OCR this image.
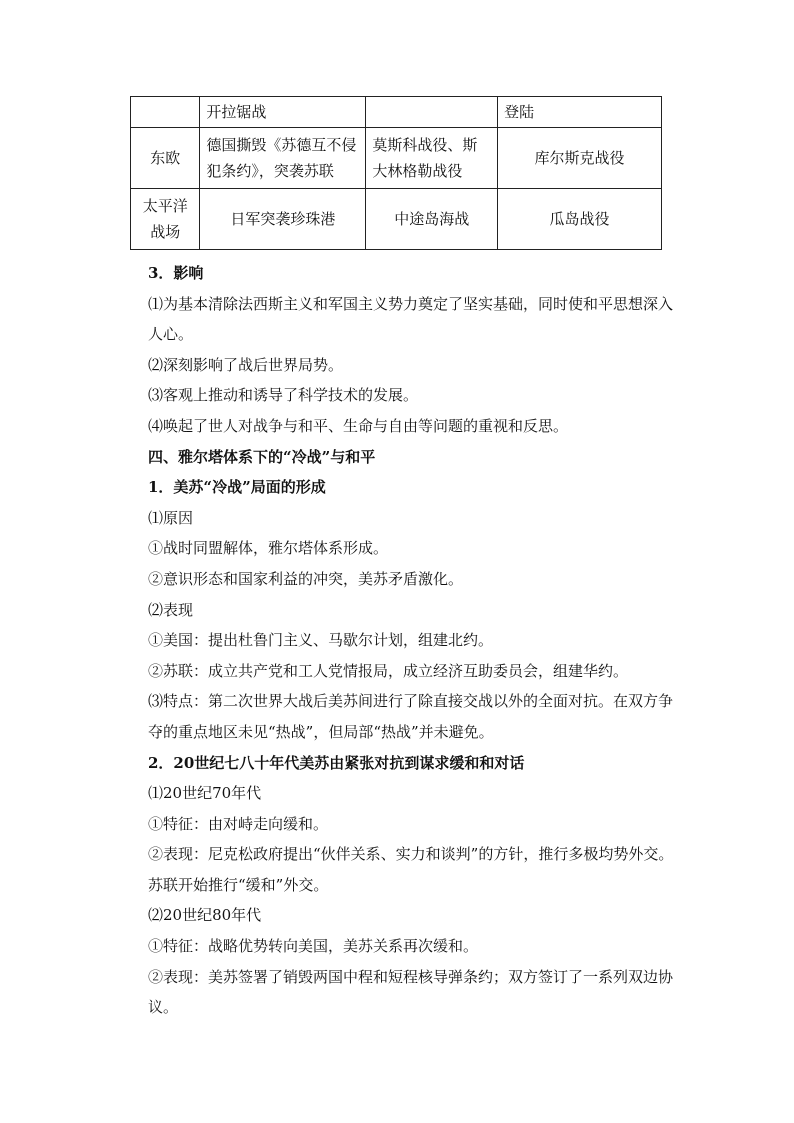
	开拉锯战		登陆
东欧	德国撕毁《苏德互不侵犯条约》，突袭苏联	莫斯科战役、斯大林格勒战役	库尔斯克战役
太平洋战场	日军突袭珍珠港	中途岛海战	瓜岛战役

3．影响

⑴为基本清除法西斯主义和军国主义势力奠定了坚实基础，同时使和平思想深入人心。

⑵深刻影响了战后世界局势。

⑶客观上推动和诱导了科学技术的发展。

⑷唤起了世人对战争与和平、生命与自由等问题的重视和反思。

四、雅尔塔体系下的“冷战”与和平

1．美苏“冷战”局面的形成

⑴原因

①战时同盟解体，雅尔塔体系形成。

②意识形态和国家利益的冲突，美苏矛盾激化。

⑵表现

①美国：提出杜鲁门主义、马歇尔计划，组建北约。

②苏联：成立共产党和工人党情报局，成立经济互助委员会，组建华约。

⑶特点：第二次世界大战后美苏间进行了除直接交战以外的全面对抗。在双方争夺的重点地区未见“热战”，但局部“热战”并未避免。

2．20世纪七八十年代美苏由紧张对抗到谋求缓和和对话

⑴20世纪70年代

①特征：由对峙走向缓和。

②表现：尼克松政府提出“伙伴关系、实力和谈判”的方针，推行多极均势外交。苏联开始推行“缓和”外交。

⑵20世纪80年代

①特征：战略优势转向美国，美苏关系再次缓和。

②表现：美苏签署了销毁两国中程和短程核导弹条约；双方签订了一系列双边协议。
